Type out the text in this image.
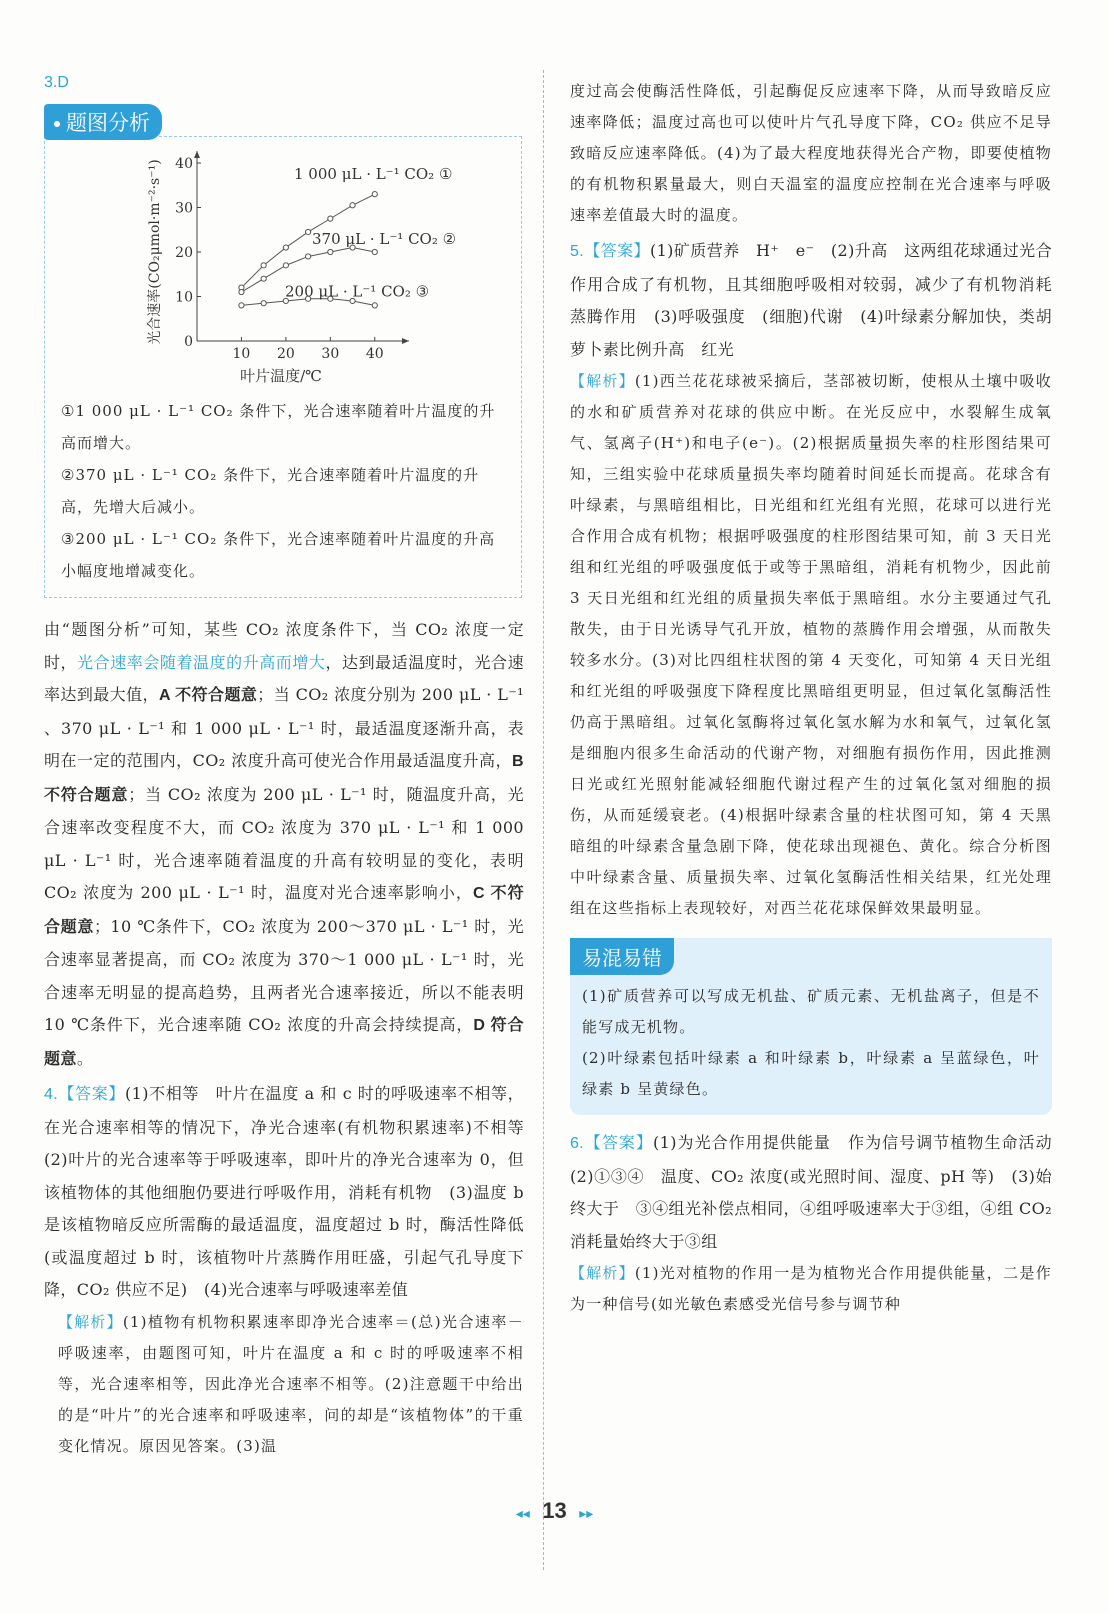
3.D
题图分析
10 20 30 40
0
10
20
30
40
叶片温度/℃
光合速率(CO₂μmol·m⁻²·s⁻¹)	1 000 μL · L⁻¹ CO₂ ①
370 μL · L⁻¹ CO₂ ②
200 μL · L⁻¹ CO₂ ③

①1 000 μL · L⁻¹ CO₂ 条件下，光合速率随着叶片温度的升高而增大。

②370 μL · L⁻¹ CO₂ 条件下，光合速率随着叶片温度的升高，先增大后减小。

③200 μL · L⁻¹ CO₂ 条件下，光合速率随着叶片温度的升高小幅度地增减变化。

由“题图分析”可知，某些 CO₂ 浓度条件下，当 CO₂ 浓度一定时，光合速率会随着温度的升高而增大，达到最适温度时，光合速率达到最大值，A 不符合题意；当 CO₂ 浓度分别为 200 μL · L⁻¹ 、370 μL · L⁻¹ 和 1 000 μL · L⁻¹ 时，最适温度逐渐升高，表明在一定的范围内，CO₂ 浓度升高可使光合作用最适温度升高，B 不符合题意；当 CO₂ 浓度为 200 μL · L⁻¹ 时，随温度升高，光合速率改变程度不大，而 CO₂ 浓度为 370 μL · L⁻¹ 和 1 000 μL · L⁻¹ 时，光合速率随着温度的升高有较明显的变化，表明 CO₂ 浓度为 200 μL · L⁻¹ 时，温度对光合速率影响小，C 不符合题意；10 ℃条件下，CO₂ 浓度为 200～370 μL · L⁻¹ 时，光合速率显著提高，而 CO₂ 浓度为 370～1 000 μL · L⁻¹ 时，光合速率无明显的提高趋势，且两者光合速率接近，所以不能表明 10 ℃条件下，光合速率随 CO₂ 浓度的升高会持续提高，D 符合题意。
4.【答案】(1)不相等　叶片在温度 a 和 c 时的呼吸速率不相等，在光合速率相等的情况下，净光合速率(有机物积累速率)不相等　(2)叶片的光合速率等于呼吸速率，即叶片的净光合速率为 0，但该植物体的其他细胞仍要进行呼吸作用，消耗有机物　(3)温度 b 是该植物暗反应所需酶的最适温度，温度超过 b 时，酶活性降低(或温度超过 b 时，该植物叶片蒸腾作用旺盛，引起气孔导度下降，CO₂ 供应不足)　(4)光合速率与呼吸速率差值
【解析】(1)植物有机物积累速率即净光合速率＝(总)光合速率－呼吸速率，由题图可知，叶片在温度 a 和 c 时的呼吸速率不相等，光合速率相等，因此净光合速率不相等。(2)注意题干中给出的是“叶片”的光合速率和呼吸速率，问的却是“该植物体”的干重变化情况。原因见答案。(3)温
度过高会使酶活性降低，引起酶促反应速率下降，从而导致暗反应速率降低；温度过高也可以使叶片气孔导度下降，CO₂ 供应不足导致暗反应速率降低。(4)为了最大程度地获得光合产物，即要使植物的有机物积累量最大，则白天温室的温度应控制在光合速率与呼吸速率差值最大时的温度。
5.【答案】(1)矿质营养　H⁺　e⁻　(2)升高　这两组花球通过光合作用合成了有机物，且其细胞呼吸相对较弱，减少了有机物消耗　蒸腾作用　(3)呼吸强度　(细胞)代谢　(4)叶绿素分解加快，类胡萝卜素比例升高　红光
【解析】(1)西兰花花球被采摘后，茎部被切断，使根从土壤中吸收的水和矿质营养对花球的供应中断。在光反应中，水裂解生成氧气、氢离子(H⁺)和电子(e⁻)。(2)根据质量损失率的柱形图结果可知，三组实验中花球质量损失率均随着时间延长而提高。花球含有叶绿素，与黑暗组相比，日光组和红光组有光照，花球可以进行光合作用合成有机物；根据呼吸强度的柱形图结果可知，前 3 天日光组和红光组的呼吸强度低于或等于黑暗组，消耗有机物少，因此前 3 天日光组和红光组的质量损失率低于黑暗组。水分主要通过气孔散失，由于日光诱导气孔开放，植物的蒸腾作用会增强，从而散失较多水分。(3)对比四组柱状图的第 4 天变化，可知第 4 天日光组和红光组的呼吸强度下降程度比黑暗组更明显，但过氧化氢酶活性仍高于黑暗组。过氧化氢酶将过氧化氢水解为水和氧气，过氧化氢是细胞内很多生命活动的代谢产物，对细胞有损伤作用，因此推测日光或红光照射能减轻细胞代谢过程产生的过氧化氢对细胞的损伤，从而延缓衰老。(4)根据叶绿素含量的柱状图可知，第 4 天黑暗组的叶绿素含量急剧下降，使花球出现褪色、黄化。综合分析图中叶绿素含量、质量损失率、过氧化氢酶活性相关结果，红光处理组在这些指标上表现较好，对西兰花花球保鲜效果最明显。
易混易错
(1)矿质营养可以写成无机盐、矿质元素、无机盐离子，但是不能写成无机物。
(2)叶绿素包括叶绿素 a 和叶绿素 b，叶绿素 a 呈蓝绿色，叶绿素 b 呈黄绿色。
6.【答案】(1)为光合作用提供能量　作为信号调节植物生命活动　(2)①③④　温度、CO₂ 浓度(或光照时间、湿度、pH 等)　(3)始终大于　③④组光补偿点相同，④组呼吸速率大于③组，④组 CO₂ 消耗量始终大于③组
【解析】(1)光对植物的作用一是为植物光合作用提供能量，二是作为一种信号(如光敏色素感受光信号参与调节种
◂◂ 13 ▸▸
